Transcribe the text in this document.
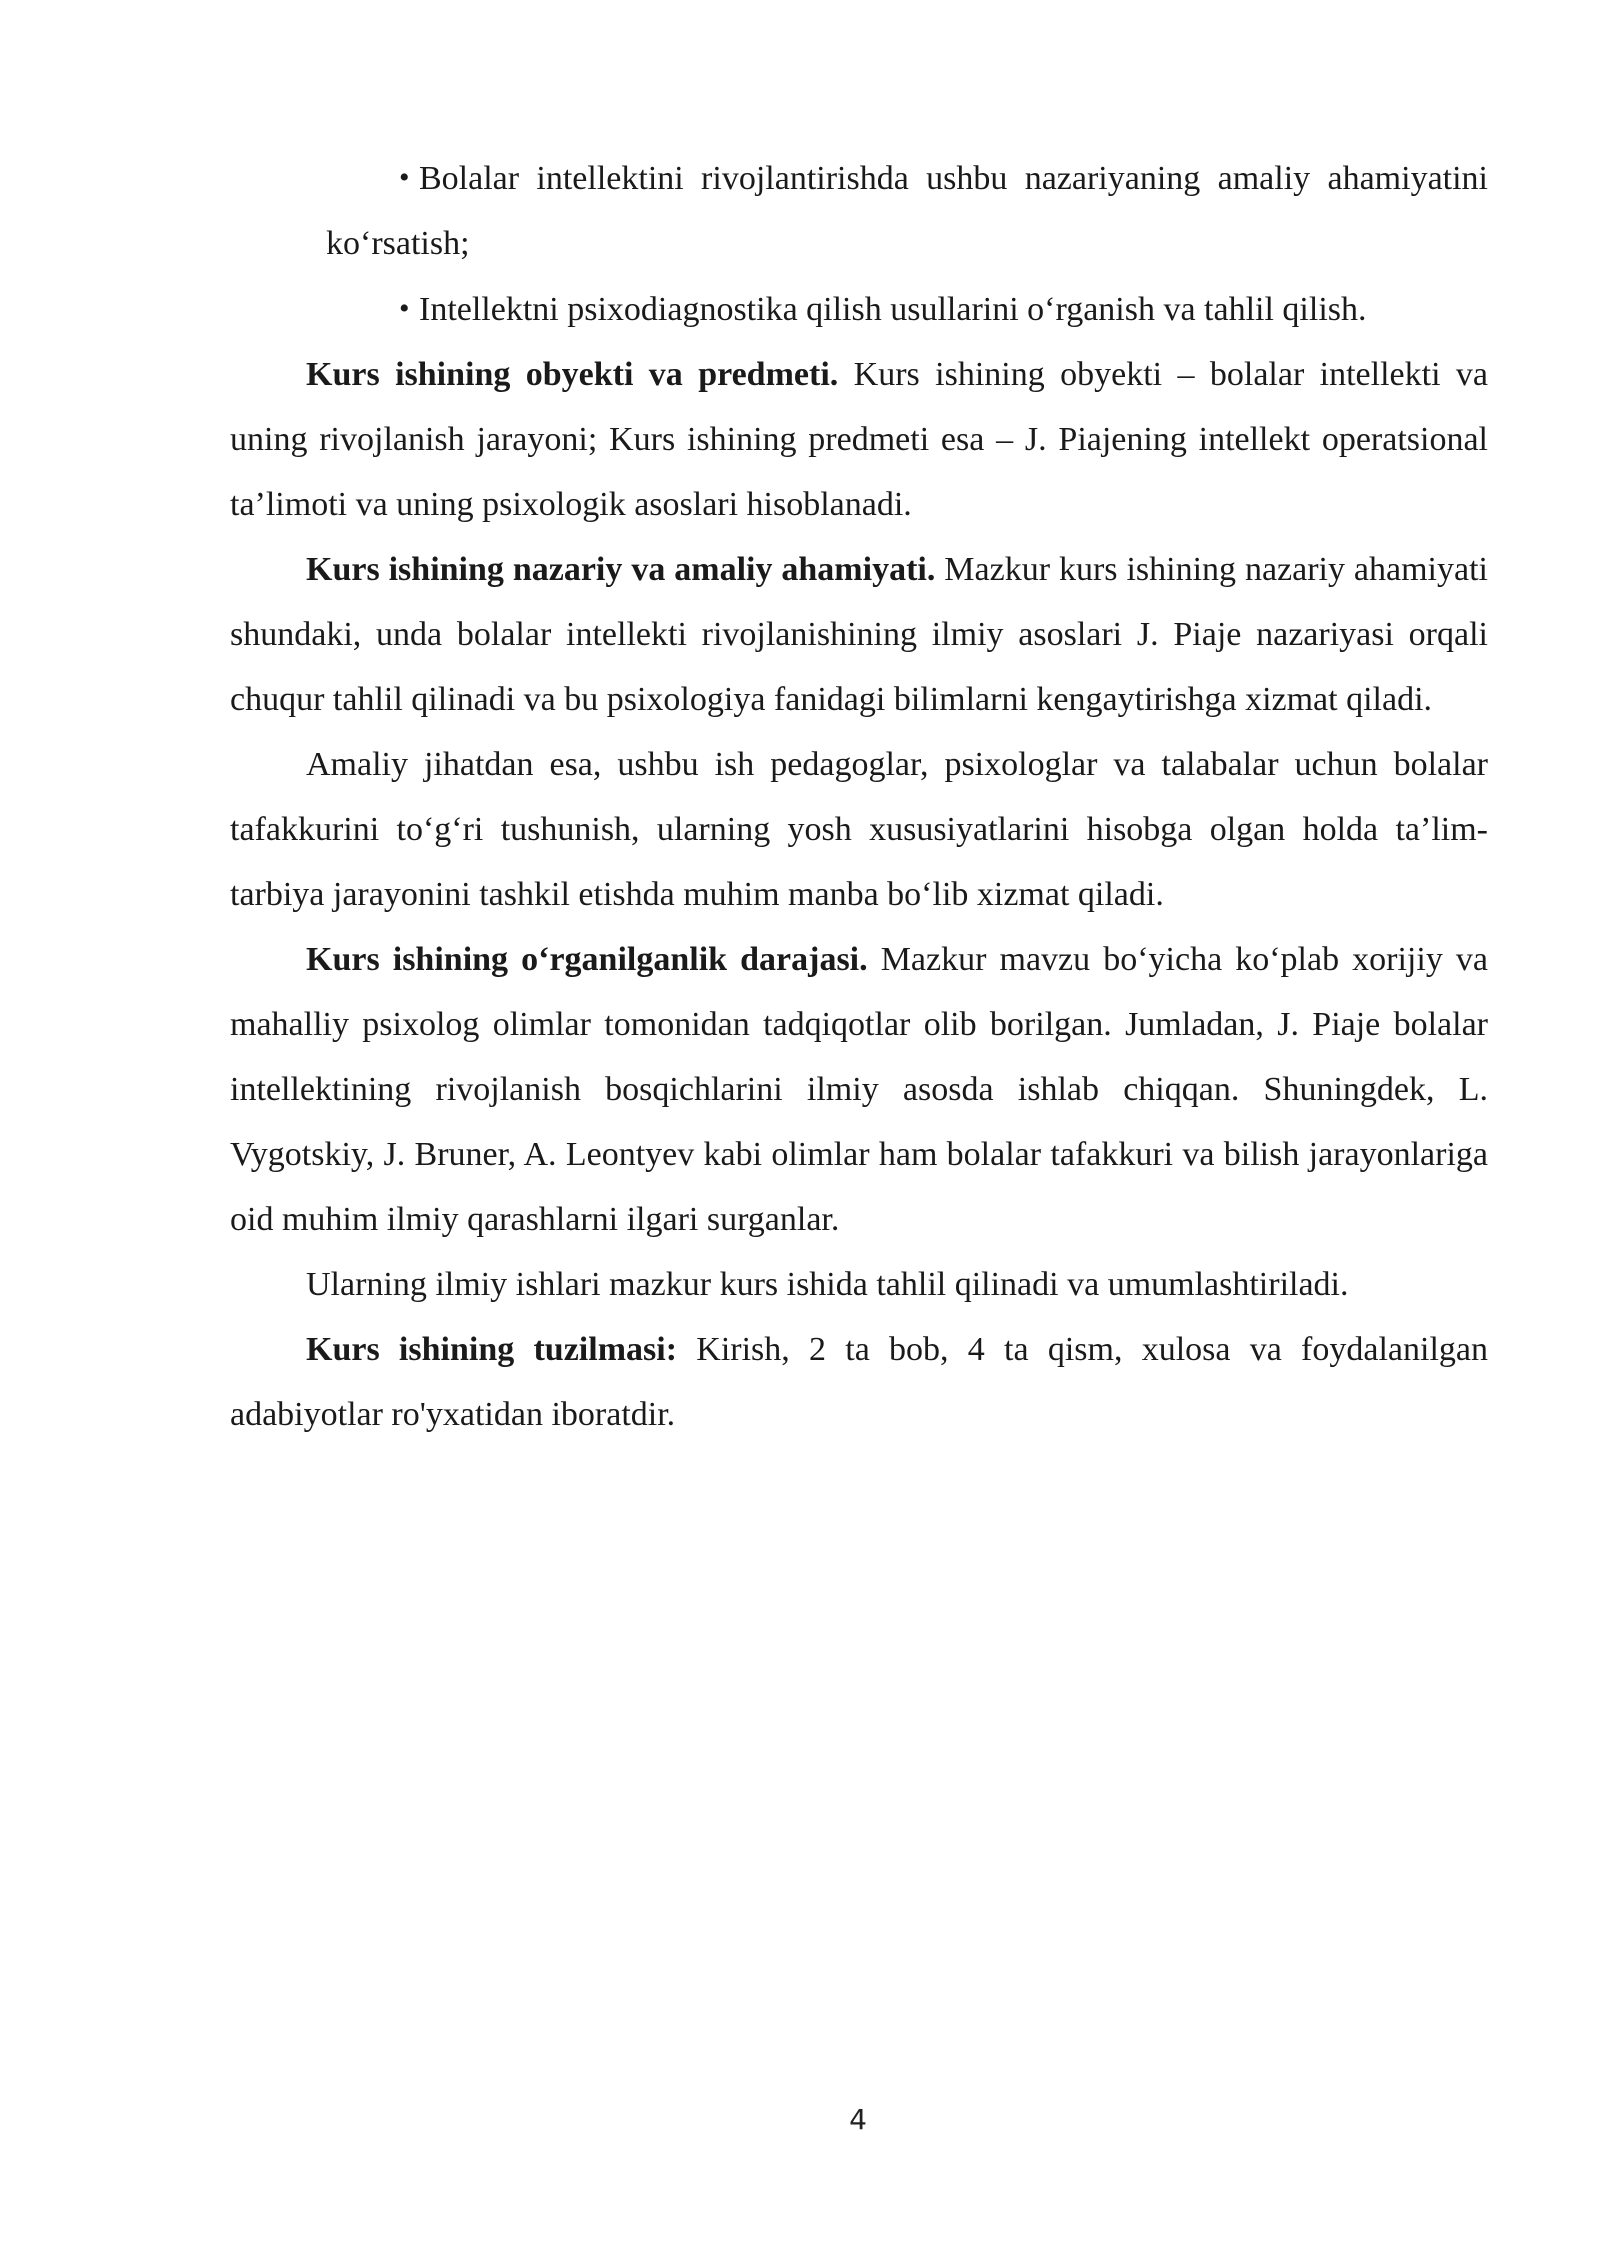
• Bolalar intellektini rivojlantirishda ushbu nazariyaning amaliy ahamiyatini koʻrsatish;

• Intellektni psixodiagnostika qilish usullarini oʻrganish va tahlil qilish.

Kurs ishining obyekti va predmeti. Kurs ishining obyekti – bolalar intellekti va uning rivojlanish jarayoni; Kurs ishining predmeti esa – J. Piajening intellekt operatsional ta’limoti va uning psixologik asoslari hisoblanadi.

Kurs ishining nazariy va amaliy ahamiyati. Mazkur kurs ishining nazariy ahamiyati shundaki, unda bolalar intellekti rivojlanishining ilmiy asoslari J. Piaje nazariyasi orqali chuqur tahlil qilinadi va bu psixologiya fanidagi bilimlarni kengaytirishga xizmat qiladi.

Amaliy jihatdan esa, ushbu ish pedagoglar, psixologlar va talabalar uchun bolalar tafakkurini toʻgʻri tushunish, ularning yosh xususiyatlarini hisobga olgan holda ta’lim-tarbiya jarayonini tashkil etishda muhim manba boʻlib xizmat qiladi.

Kurs ishining oʻrganilganlik darajasi. Mazkur mavzu boʻyicha koʻplab xorijiy va mahalliy psixolog olimlar tomonidan tadqiqotlar olib borilgan. Jumladan, J. Piaje bolalar intellektining rivojlanish bosqichlarini ilmiy asosda ishlab chiqqan. Shuningdek, L. Vygotskiy, J. Bruner, A. Leontyev kabi olimlar ham bolalar tafakkuri va bilish jarayonlariga oid muhim ilmiy qarashlarni ilgari surganlar.

Ularning ilmiy ishlari mazkur kurs ishida tahlil qilinadi va umumlashtiriladi.

Kurs ishining tuzilmasi: Kirish, 2 ta bob, 4 ta qism, xulosa va foydalanilgan adabiyotlar ro'yxatidan iboratdir.

4
